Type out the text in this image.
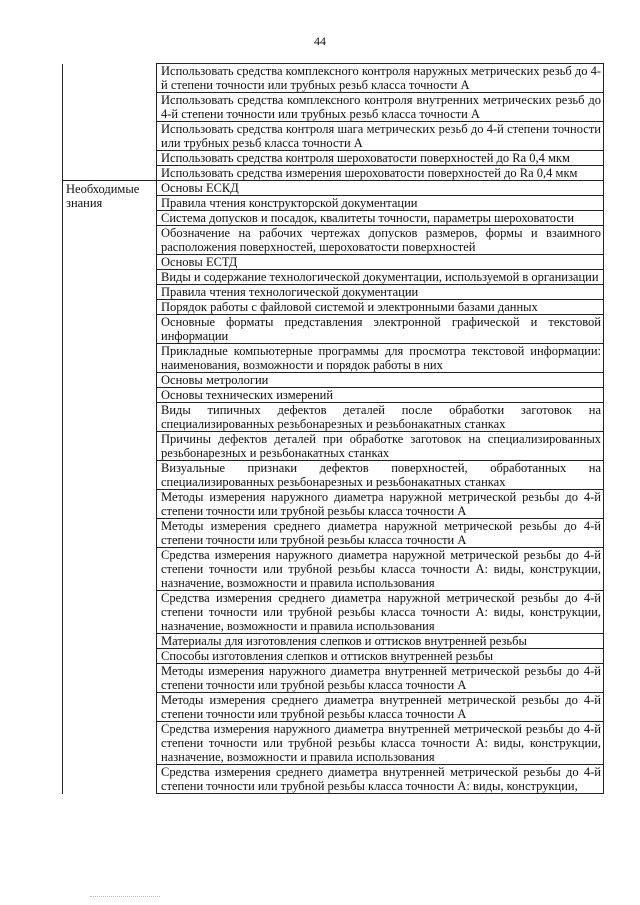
44
	Использовать средства комплексного контроля наружных метрических резьб до 4-й степени точности или трубных резьб класса точности А
	Использовать средства комплексного контроля внутренних метрических резьб до 4-й степени точности или трубных резьб класса точности А
	Использовать средства контроля шага метрических резьб до 4-й степени точности или трубных резьб класса точности А
	Использовать средства контроля шероховатости поверхностей до Ra 0,4 мкм
	Использовать средства измерения шероховатости поверхностей до Ra 0,4 мкм
Необходимые знания	Основы ЕСКД
	Правила чтения конструкторской документации
	Система допусков и посадок, квалитеты точности, параметры шероховатости
	Обозначение на рабочих чертежах допусков размеров, формы и взаимного расположения поверхностей, шероховатости поверхностей
	Основы ЕСТД
	Виды и содержание технологической документации, используемой в организации
	Правила чтения технологической документации
	Порядок работы с файловой системой и электронными базами данных
	Основные форматы представления электронной графической и текстовой информации
	Прикладные компьютерные программы для просмотра текстовой информации: наименования, возможности и порядок работы в них
	Основы метрологии
	Основы технических измерений
	Виды типичных дефектов деталей после обработки заготовок на специализированных резьбонарезных и резьбонакатных станках
	Причины дефектов деталей при обработке заготовок на специализированных резьбонарезных и резьбонакатных станках
	Визуальные признаки дефектов поверхностей, обработанных на специализированных резьбонарезных и резьбонакатных станках
	Методы измерения наружного диаметра наружной метрической резьбы до 4-й степени точности или трубной резьбы класса точности А
	Методы измерения среднего диаметра наружной метрической резьбы до 4-й степени точности или трубной резьбы класса точности А
	Средства измерения наружного диаметра наружной метрической резьбы до 4-й степени точности или трубной резьбы класса точности А: виды, конструкции, назначение, возможности и правила использования
	Средства измерения среднего диаметра наружной метрической резьбы до 4-й степени точности или трубной резьбы класса точности А: виды, конструкции, назначение, возможности и правила использования
	Материалы для изготовления слепков и оттисков внутренней резьбы
	Способы изготовления слепков и оттисков внутренней резьбы
	Методы измерения наружного диаметра внутренней метрической резьбы до 4-й степени точности или трубной резьбы класса точности А
	Методы измерения среднего диаметра внутренней метрической резьбы до 4-й степени точности или трубной резьбы класса точности А
	Средства измерения наружного диаметра внутренней метрической резьбы до 4-й степени точности или трубной резьбы класса точности А: виды, конструкции, назначение, возможности и правила использования
	Средства измерения среднего диаметра внутренней метрической резьбы до 4-й степени точности или трубной резьбы класса точности А: виды, конструкции,
